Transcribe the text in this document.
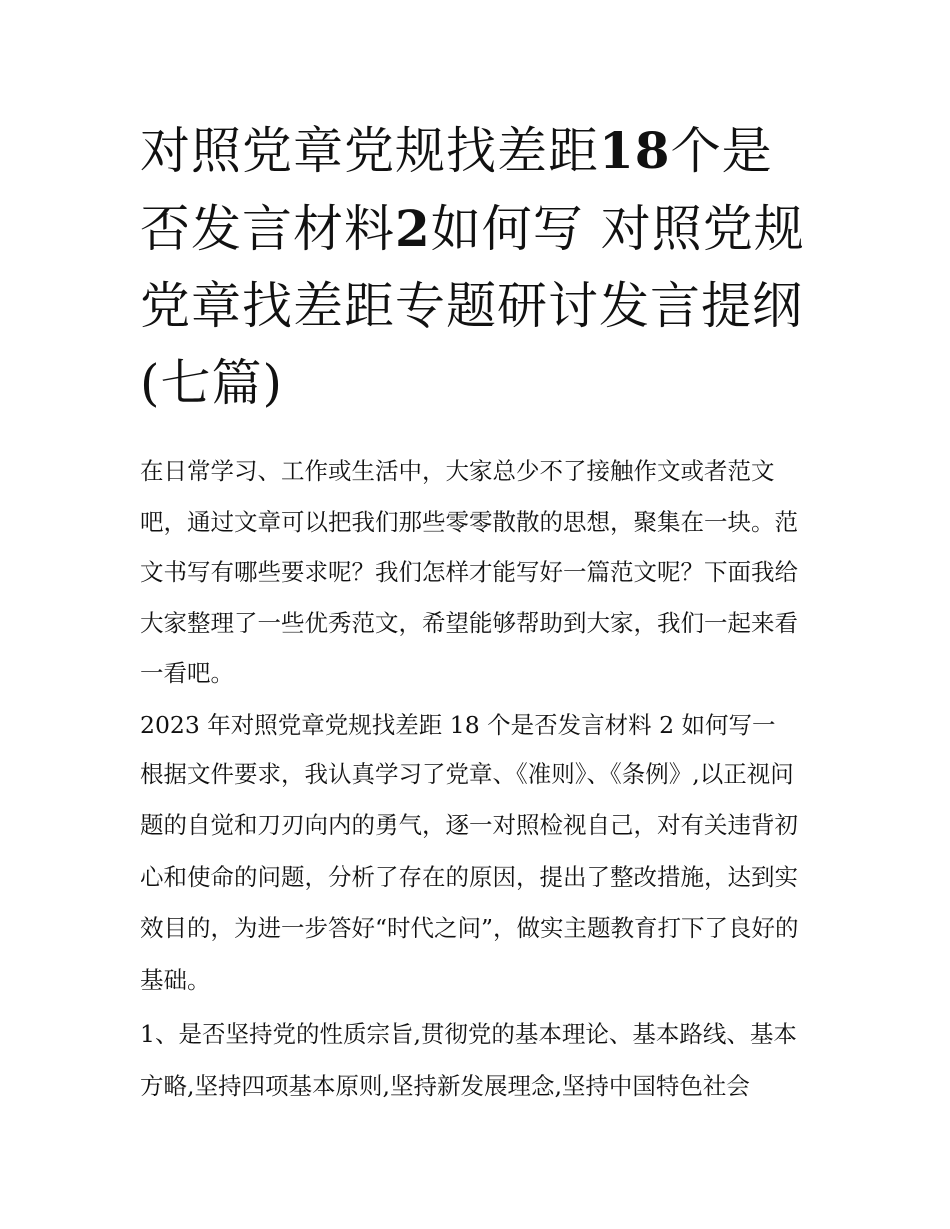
对照党章党规找差距18个是否发言材料2如何写 对照党规党章找差距专题研讨发言提纲(七篇)

在日常学习、工作或生活中，大家总少不了接触作文或者范文吧，通过文章可以把我们那些零零散散的思想，聚集在一块。范文书写有哪些要求呢？我们怎样才能写好一篇范文呢？下面我给大家整理了一些优秀范文，希望能够帮助到大家，我们一起来看一看吧。

2023 年对照党章党规找差距 18 个是否发言材料 2 如何写一

根据文件要求，我认真学习了党章、《准则》、《条例》,以正视问题的自觉和刀刃向内的勇气，逐一对照检视自己，对有关违背初心和使命的问题，分析了存在的原因，提出了整改措施，达到实效目的，为进一步答好“时代之问”，做实主题教育打下了良好的基础。

1、是否坚持党的性质宗旨,贯彻党的基本理论、基本路线、基本方略,坚持四项基本原则,坚持新发展理念,坚持中国特色社会
